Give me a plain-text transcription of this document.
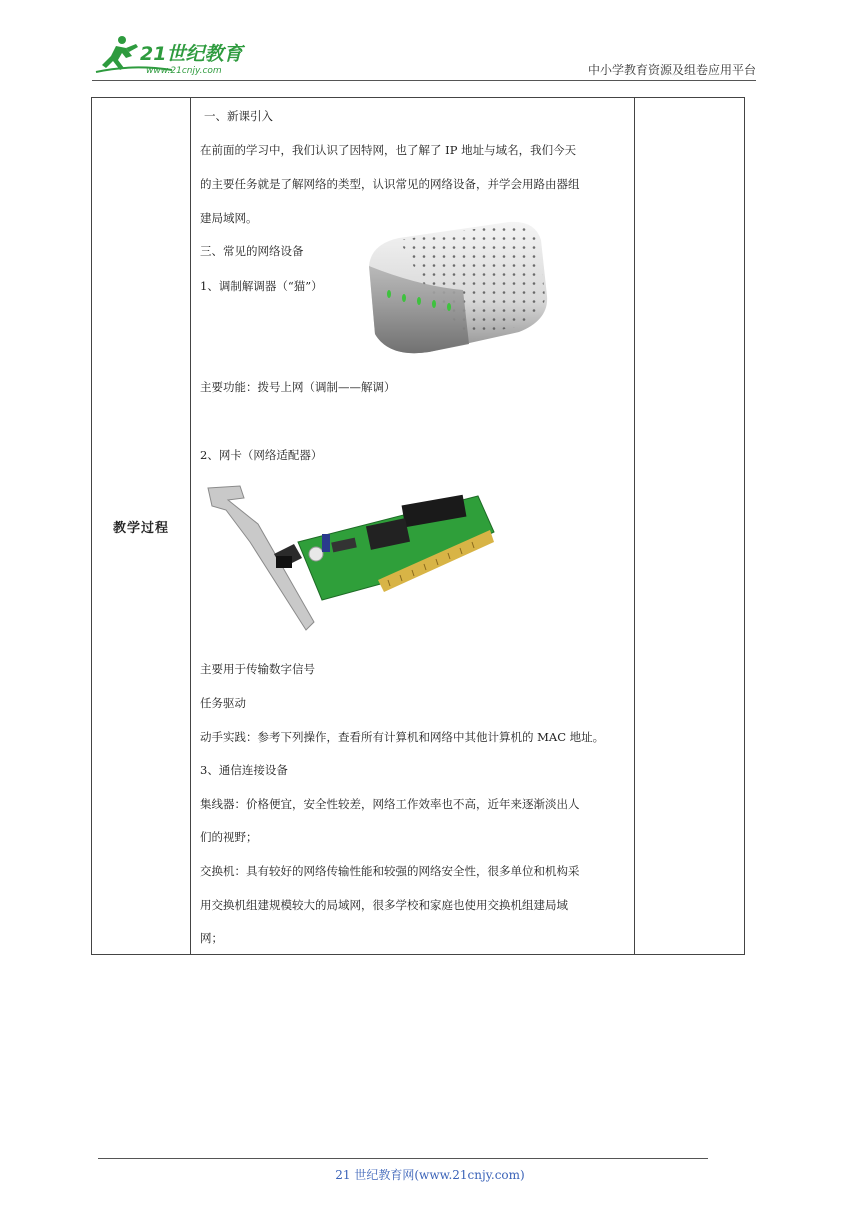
21世纪教育
www.21cnjy.com	中小学教育资源及组卷应用平台
教学过程	
一、新课引入
在前面的学习中，我们认识了因特网，也了解了 IP 地址与域名，我们今天
的主要任务就是了解网络的类型，认识常见的网络设备，并学会用路由器组
建局域网。
三、常见的网络设备
1、调制解调器（“猫”）
主要功能：拨号上网（调制——解调）
2、网卡（网络适配器）
主要用于传输数字信号
任务驱动
动手实践：参考下列操作，查看所有计算机和网络中其他计算机的 MAC 地址。
3、通信连接设备
集线器：价格便宜，安全性较差，网络工作效率也不高，近年来逐渐淡出人
们的视野；
交换机：具有较好的网络传输性能和较强的网络安全性，很多单位和机构采
用交换机组建规模较大的局域网，很多学校和家庭也使用交换机组建局域
网；

21 世纪教育网(www.21cnjy.com)
